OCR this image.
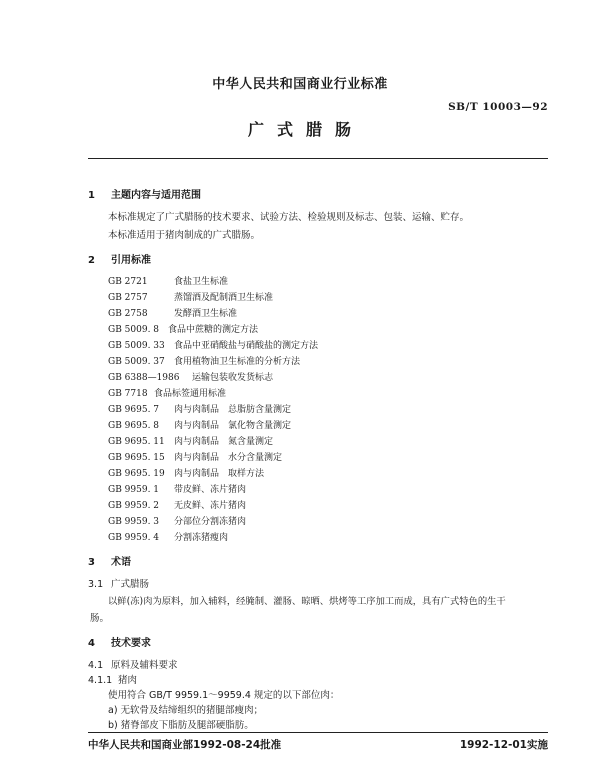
中华人民共和国商业行业标准
SB/T 10003—92
广式腊肠
1 主题内容与适用范围
本标准规定了广式腊肠的技术要求、试验方法、检验规则及标志、包装、运输、贮存。
本标准适用于猪肉制成的广式腊肠。
2 引用标准
GB 2721	食盐卫生标准
GB 2757	蒸馏酒及配制酒卫生标准
GB 2758	发酵酒卫生标准
GB 5009. 8 食品中蔗糖的测定方法
GB 5009. 33 食品中亚硝酸盐与硝酸盐的测定方法
GB 5009. 37 食用植物油卫生标准的分析方法
GB 6388—1986 运输包装收发货标志
GB 7718 食品标签通用标准
GB 9695. 7 肉与肉制品　总脂肪含量测定
GB 9695. 8 肉与肉制品　氯化物含量测定
GB 9695. 11 肉与肉制品　氮含量测定
GB 9695. 15 肉与肉制品　水分含量测定
GB 9695. 19 肉与肉制品　取样方法
GB 9959. 1 带皮鲜、冻片猪肉
GB 9959. 2 无皮鲜、冻片猪肉
GB 9959. 3 分部位分割冻猪肉
GB 9959. 4 分割冻猪瘦肉
3 术语
3.1 广式腊肠
以鲜(冻)肉为原料，加入辅料，经腌制、灌肠、晾晒、烘烤等工序加工而成，具有广式特色的生干
肠。
4 技术要求
4.1 原料及辅料要求
4.1.1 猪肉
使用符合 GB/T 9959.1～9959.4 规定的以下部位肉：
a) 无软骨及结缔组织的猪腿部瘦肉；
b) 猪脊部皮下脂肪及腿部硬脂肪。
中华人民共和国商业部1992-08-24批准	1992-12-01实施
